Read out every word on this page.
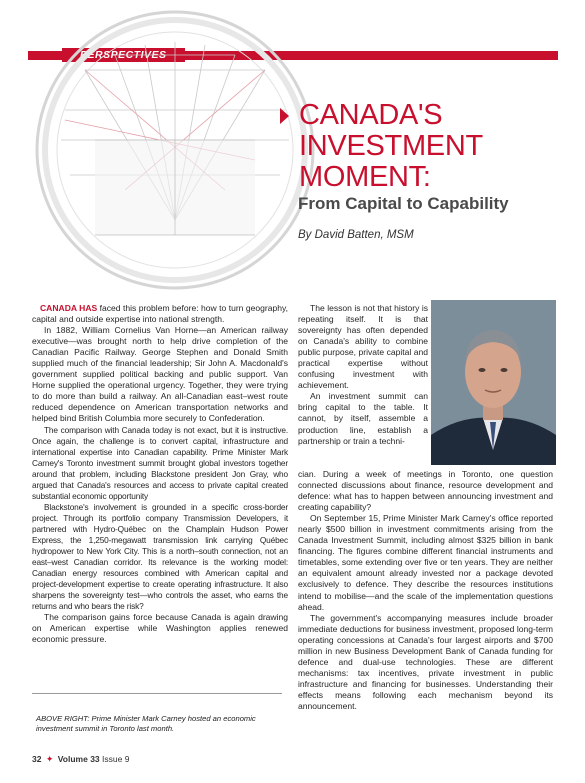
PERSPECTIVES
CANADA'S
INVESTMENT
MOMENT:
From Capital to Capability
By David Batten, MSM

CANADA HAS faced this problem before: how to turn geography, capital and outside expertise into national strength.

In 1882, William Cornelius Van Horne—an American railway executive—was brought north to help drive completion of the Canadian Pacific Railway. George Stephen and Donald Smith supplied much of the financial leadership; Sir John A. Macdonald's government supplied political backing and public support. Van Horne supplied the operational urgency. Together, they were trying to do more than build a railway. An all-Canadian east–west route reduced dependence on American transportation networks and helped bind British Columbia more securely to Confederation.

The comparison with Canada today is not exact, but it is instructive. Once again, the challenge is to convert capital, infrastructure and international expertise into Canadian capability. Prime Minister Mark Carney's Toronto investment summit brought global investors together around that problem, including Blackstone president Jon Gray, who argued that Canada's resources and access to private capital created substantial economic opportunity

Blackstone's involvement is grounded in a specific cross-border project. Through its portfolio company Transmission Developers, it partnered with Hydro-Québec on the Champlain Hudson Power Express, the 1,250-megawatt transmission link carrying Québec hydropower to New York City. This is a north–south connection, not an east–west Canadian corridor. Its relevance is the working model: Canadian energy resources combined with American capital and project-development expertise to create operating infrastructure. It also sharpens the sovereignty test—who controls the asset, who earns the returns and who bears the risk?

The comparison gains force because Canada is again drawing on American expertise while Washington applies renewed economic pressure.

The lesson is not that history is repeating itself. It is that sovereignty has often depended on Canada's ability to combine public purpose, private capital and practical expertise without confusing investment with achievement.

An investment summit can bring capital to the table. It cannot, by itself, assemble a production line, establish a partnership or train a techni-

cian. During a week of meetings in Toronto, one question connected discussions about finance, resource development and defence: what has to happen between announcing investment and creating capability?

On September 15, Prime Minister Mark Carney's office reported nearly $500 billion in investment commitments arising from the Canada Investment Summit, including almost $325 billion in bank financing. The figures combine different financial instruments and timetables, some extending over five or ten years. They are neither an equivalent amount already invested nor a package devoted exclusively to defence. They describe the resources institutions intend to mobilise—and the scale of the implementation questions ahead.

The government's accompanying measures include broader immediate deductions for business investment, proposed long-term operating concessions at Canada's four largest airports and $700 million in new Business Development Bank of Canada funding for defence and dual-use technologies. These are different mechanisms: tax incentives, private investment in public infrastructure and financing for businesses. Understanding their effects means following each mechanism beyond its announcement.

ABOVE RIGHT: Prime Minister Mark Carney hosted an economic investment summit in Toronto last month.
32 ✦ Volume 33 Issue 9
